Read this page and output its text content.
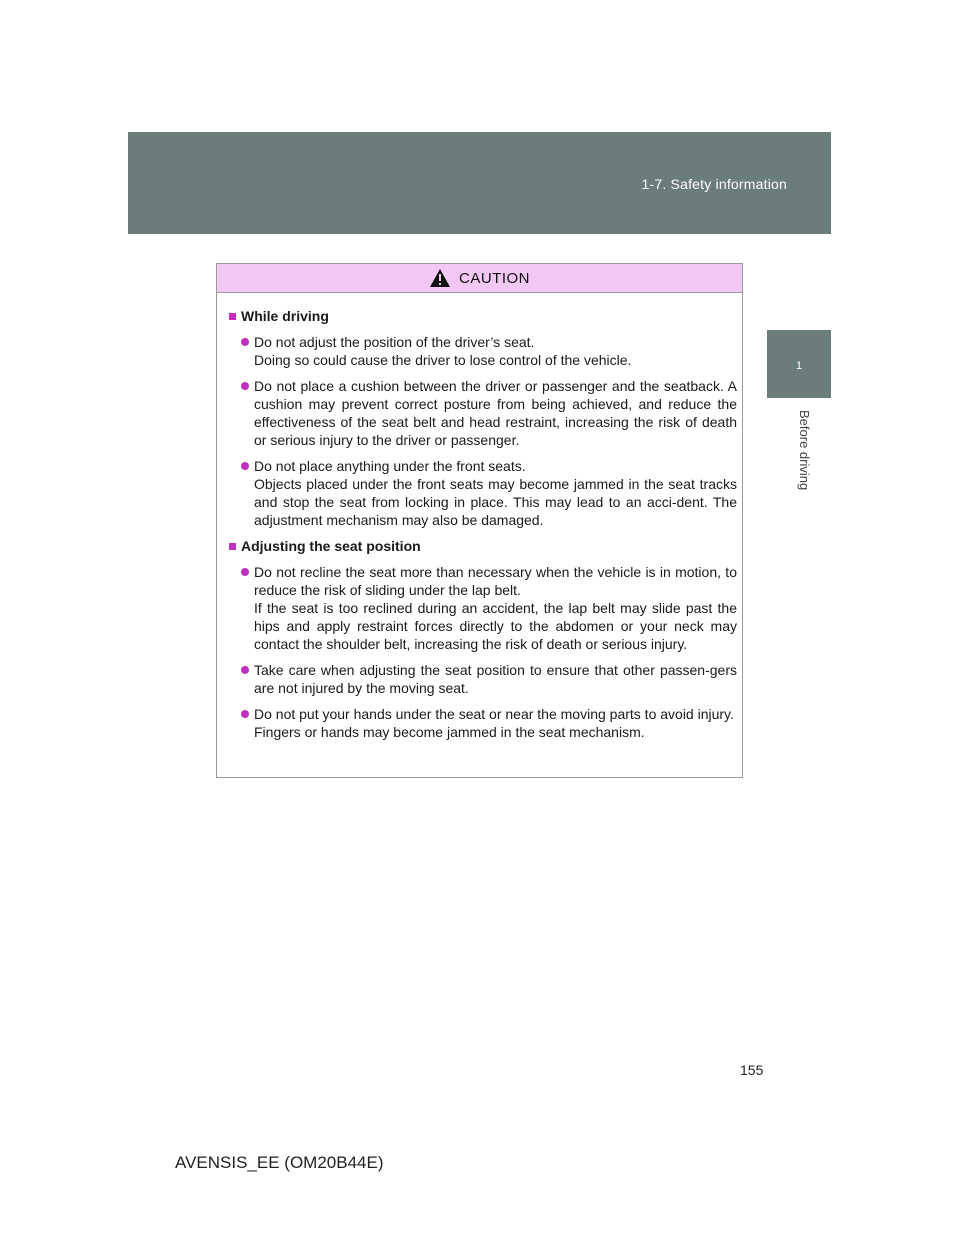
1-7. Safety information
1
Before driving
CAUTION
While driving

Do not adjust the position of the driver’s seat.

Doing so could cause the driver to lose control of the vehicle.

Do not place a cushion between the driver or passenger and the seatback. A cushion may prevent correct posture from being achieved, and reduce the effectiveness of the seat belt and head restraint, increasing the risk of death or serious injury to the driver or passenger.

Do not place anything under the front seats.

Objects placed under the front seats may become jammed in the seat tracks and stop the seat from locking in place. This may lead to an acci-dent. The adjustment mechanism may also be damaged.

Adjusting the seat position

Do not recline the seat more than necessary when the vehicle is in motion, to reduce the risk of sliding under the lap belt.

If the seat is too reclined during an accident, the lap belt may slide past the hips and apply restraint forces directly to the abdomen or your neck may contact the shoulder belt, increasing the risk of death or serious injury.

Take care when adjusting the seat position to ensure that other passen-gers are not injured by the moving seat.

Do not put your hands under the seat or near the moving parts to avoid injury.

Fingers or hands may become jammed in the seat mechanism.

155
AVENSIS_EE (OM20B44E)
